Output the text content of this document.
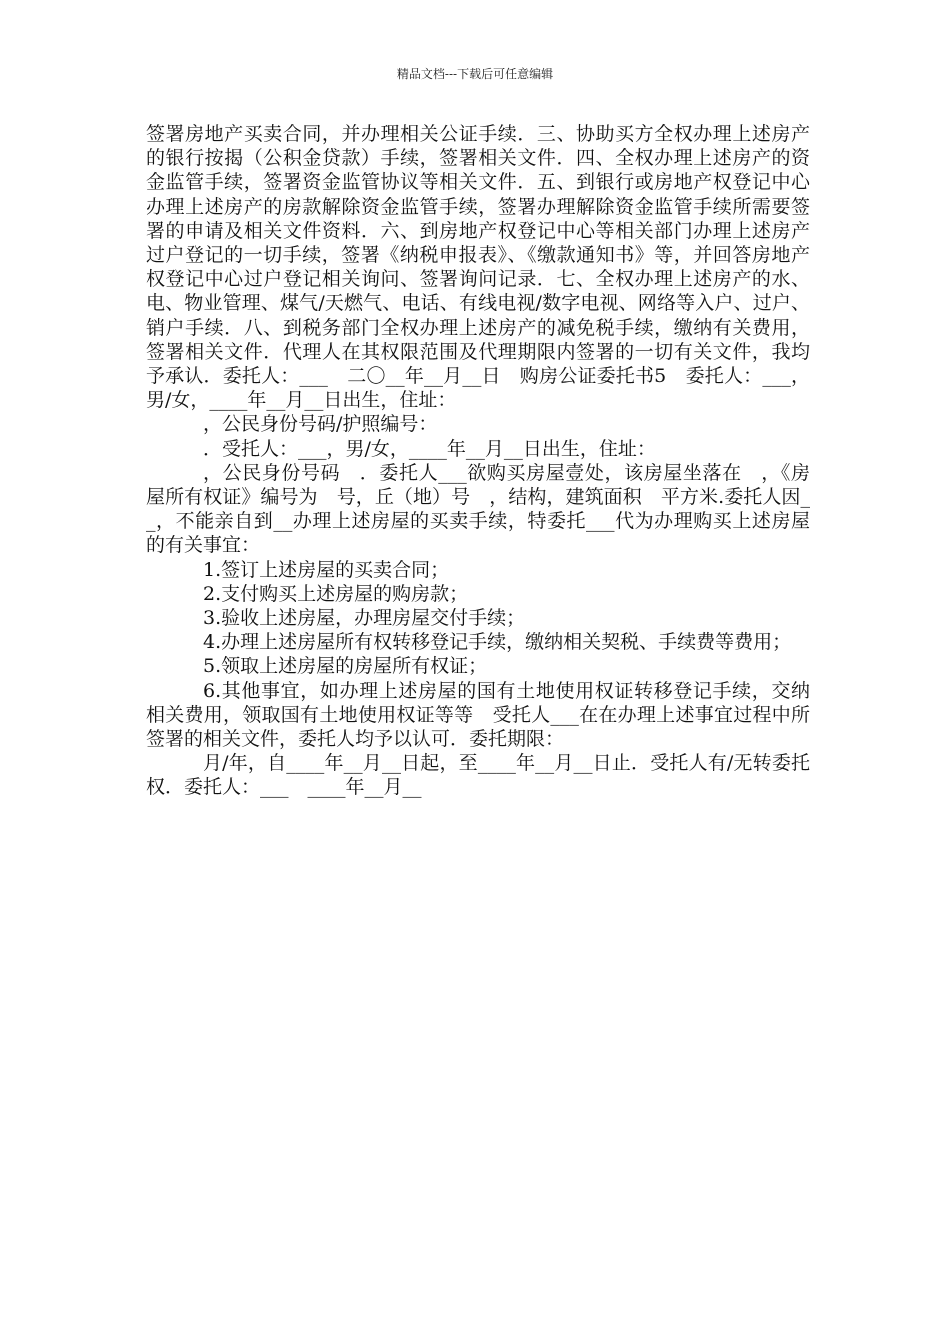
精品文档---下载后可任意编辑

签署房地产买卖合同，并办理相关公证手续．三、协助买方全权办理上述房产的银行按揭（公积金贷款）手续，签署相关文件．四、全权办理上述房产的资金监管手续，签署资金监管协议等相关文件．五、到银行或房地产权登记中心办理上述房产的房款解除资金监管手续，签署办理解除资金监管手续所需要签署的申请及相关文件资料．六、到房地产权登记中心等相关部门办理上述房产过户登记的一切手续，签署《纳税申报表》、《缴款通知书》等，并回答房地产权登记中心过户登记相关询问、签署询问记录．七、全权办理上述房产的水、电、物业管理、煤气/天燃气、电话、有线电视/数字电视、网络等入户、过户、销户手续．八、到税务部门全权办理上述房产的减免税手续，缴纳有关费用，签署相关文件．代理人在其权限范围及代理期限内签署的一切有关文件，我均予承认．委托人：___　二〇__年__月__日　购房公证委托书5　委托人：___，男/女，____年__月__日出生，住址：

，公民身份号码/护照编号：

．受托人：___，男/女，____年__月__日出生，住址：

，公民身份号码　．委托人___欲购买房屋壹处，该房屋坐落在　，《房屋所有权证》编号为　号，丘（地）号　，结构，建筑面积　平方米.委托人因__，不能亲自到__办理上述房屋的买卖手续，特委托___代为办理购买上述房屋的有关事宜：

1.签订上述房屋的买卖合同；

2.支付购买上述房屋的购房款；

3.验收上述房屋，办理房屋交付手续；

4.办理上述房屋所有权转移登记手续，缴纳相关契税、手续费等费用；

5.领取上述房屋的房屋所有权证；

6.其他事宜，如办理上述房屋的国有土地使用权证转移登记手续，交纳相关费用，领取国有土地使用权证等等　受托人___在在办理上述事宜过程中所签署的相关文件，委托人均予以认可．委托期限：

月/年，自____年__月__日起，至____年__月__日止．受托人有/无转委托权．委托人：___　____年__月__
